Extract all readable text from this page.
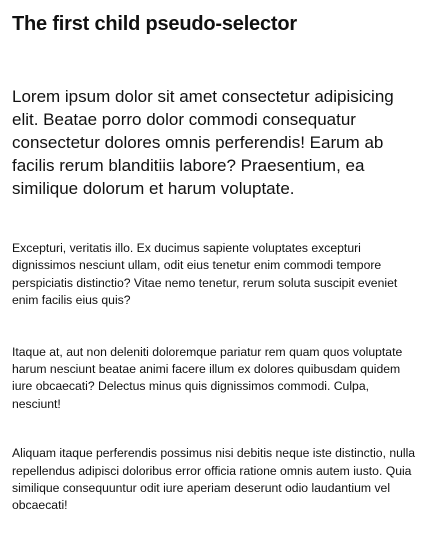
The first child pseudo-selector

Lorem ipsum dolor sit amet consectetur adipisicing elit. Beatae porro dolor commodi consequatur consectetur dolores omnis perferendis! Earum ab facilis rerum blanditiis labore? Praesentium, ea similique dolorum et harum voluptate.

Excepturi, veritatis illo. Ex ducimus sapiente voluptates excepturi dignissimos nesciunt ullam, odit eius tenetur enim commodi tempore perspiciatis distinctio? Vitae nemo tenetur, rerum soluta suscipit eveniet enim facilis eius quis?

Itaque at, aut non deleniti doloremque pariatur rem quam quos voluptate harum nesciunt beatae animi facere illum ex dolores quibusdam quidem iure obcaecati? Delectus minus quis dignissimos commodi. Culpa, nesciunt!

Aliquam itaque perferendis possimus nisi debitis neque iste distinctio, nulla repellendus adipisci doloribus error officia ratione omnis autem iusto. Quia similique consequuntur odit iure aperiam deserunt odio laudantium vel obcaecati!
